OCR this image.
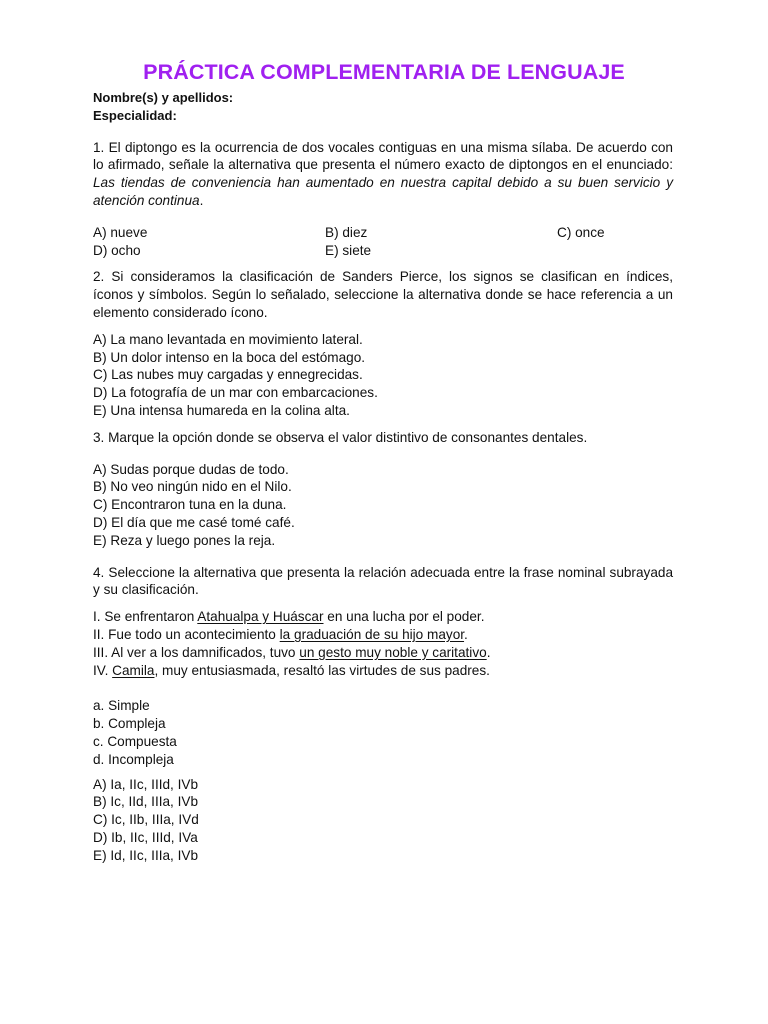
PRÁCTICA COMPLEMENTARIA DE LENGUAJE
Nombre(s) y apellidos:
Especialidad:

1. El diptongo es la ocurrencia de dos vocales contiguas en una misma sílaba. De acuerdo con lo afirmado, señale la alternativa que presenta el número exacto de diptongos en el enunciado: Las tiendas de conveniencia han aumentado en nuestra capital debido a su buen servicio y atención continua.

A) nueve	B) diez	C) once
D) ocho	E) siete

2. Si consideramos la clasificación de Sanders Pierce, los signos se clasifican en índices, íconos y símbolos. Según lo señalado, seleccione la alternativa donde se hace referencia a un elemento considerado ícono.

A) La mano levantada en movimiento lateral.
B) Un dolor intenso en la boca del estómago.
C) Las nubes muy cargadas y ennegrecidas.
D) La fotografía de un mar con embarcaciones.
E) Una intensa humareda en la colina alta.

3. Marque la opción donde se observa el valor distintivo de consonantes dentales.

A) Sudas porque dudas de todo.
B) No veo ningún nido en el Nilo.
C) Encontraron tuna en la duna.
D) El día que me casé tomé café.
E) Reza y luego pones la reja.

4. Seleccione la alternativa que presenta la relación adecuada entre la frase nominal subrayada y su clasificación.

I. Se enfrentaron Atahualpa y Huáscar en una lucha por el poder.
II. Fue todo un acontecimiento la graduación de su hijo mayor.
III. Al ver a los damnificados, tuvo un gesto muy noble y caritativo.
IV. Camila, muy entusiasmada, resaltó las virtudes de sus padres.
a. Simple
b. Compleja
c. Compuesta
d. Incompleja
A) Ia, IIc, IIId, IVb
B) Ic, IId, IIIa, IVb
C) Ic, IIb, IIIa, IVd
D) Ib, IIc, IIId, IVa
E) Id, IIc, IIIa, IVb
